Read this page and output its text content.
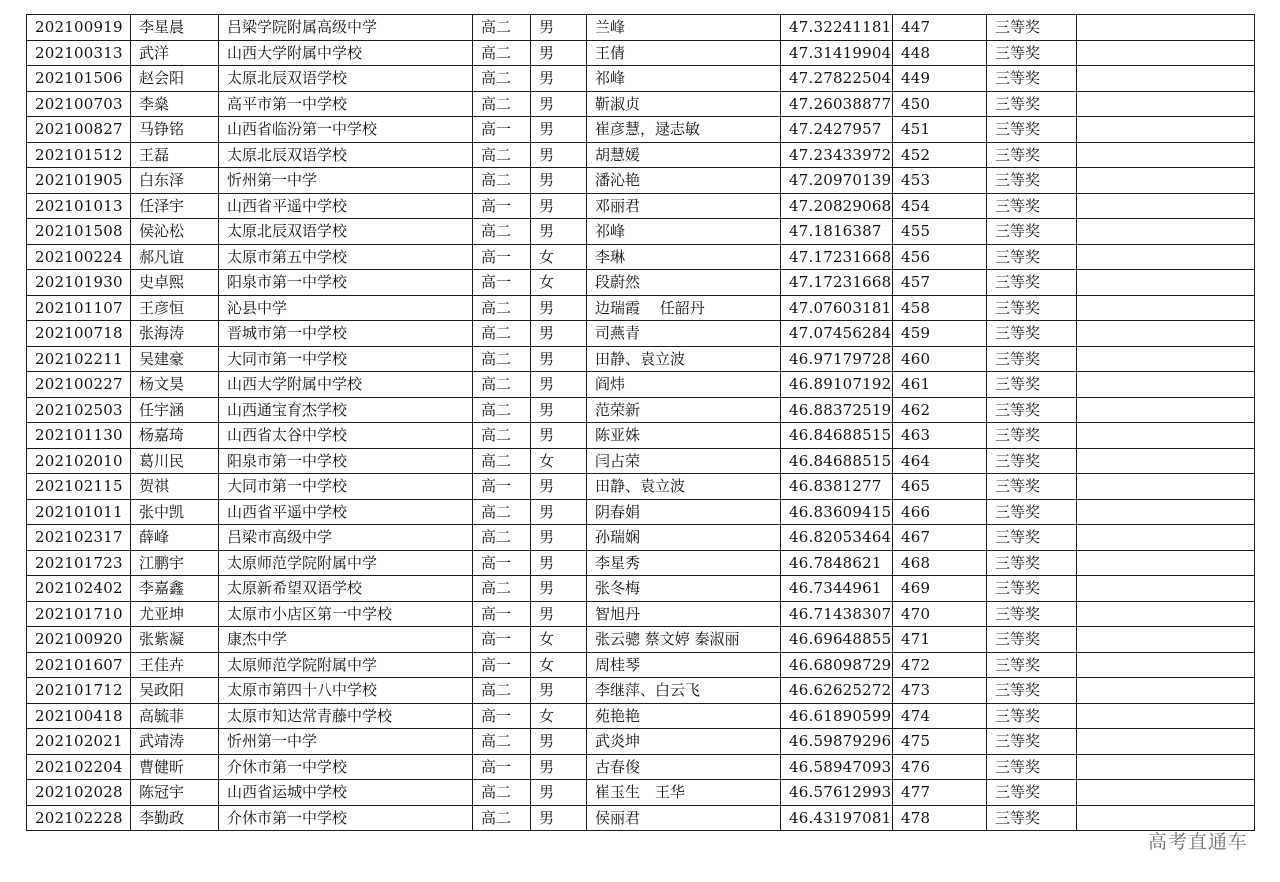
202100919	李星晨	吕梁学院附属高级中学	高二	男	兰峰	47.32241181	447	三等奖	
202100313	武洋	山西大学附属中学校	高二	男	王倩	47.31419904	448	三等奖	
202101506	赵会阳	太原北辰双语学校	高二	男	祁峰	47.27822504	449	三等奖	
202100703	李燊	高平市第一中学校	高二	男	靳淑贞	47.26038877	450	三等奖	
202100827	马铮铭	山西省临汾第一中学校	高一	男	崔彦慧，逯志敏	47.2427957	451	三等奖	
202101512	王磊	太原北辰双语学校	高二	男	胡慧媛	47.23433972	452	三等奖	
202101905	白东泽	忻州第一中学	高二	男	潘沁艳	47.20970139	453	三等奖	
202101013	任泽宇	山西省平遥中学校	高一	男	邓丽君	47.20829068	454	三等奖	
202101508	侯沁松	太原北辰双语学校	高二	男	祁峰	47.1816387	455	三等奖	
202100224	郝凡谊	太原市第五中学校	高一	女	李琳	47.17231668	456	三等奖	
202101930	史卓熙	阳泉市第一中学校	高一	女	段蔚然	47.17231668	457	三等奖	
202101107	王彦恒	沁县中学	高二	男	边瑞霞　 任韶丹	47.07603181	458	三等奖	
202100718	张海涛	晋城市第一中学校	高二	男	司燕青	47.07456284	459	三等奖	
202102211	吴建豪	大同市第一中学校	高二	男	田静、袁立波	46.97179728	460	三等奖	
202100227	杨文昊	山西大学附属中学校	高二	男	阎炜	46.89107192	461	三等奖	
202102503	任宇涵	山西通宝育杰学校	高二	男	范荣新	46.88372519	462	三等奖	
202101130	杨嘉琦	山西省太谷中学校	高二	男	陈亚姝	46.84688515	463	三等奖	
202102010	葛川民	阳泉市第一中学校	高二	女	闫占荣	46.84688515	464	三等奖	
202102115	贺祺	大同市第一中学校	高一	男	田静、袁立波	46.8381277	465	三等奖	
202101011	张中凯	山西省平遥中学校	高二	男	阴春娟	46.83609415	466	三等奖	
202102317	薛峰	吕梁市高级中学	高二	男	孙瑞娴	46.82053464	467	三等奖	
202101723	江鹏宇	太原师范学院附属中学	高一	男	李星秀	46.7848621	468	三等奖	
202102402	李嘉鑫	太原新希望双语学校	高二	男	张冬梅	46.7344961	469	三等奖	
202101710	尤亚坤	太原市小店区第一中学校	高一	男	智旭丹	46.71438307	470	三等奖	
202100920	张紫凝	康杰中学	高一	女	张云骢 蔡文婷 秦淑丽	46.69648855	471	三等奖	
202101607	王佳卉	太原师范学院附属中学	高一	女	周桂琴	46.68098729	472	三等奖	
202101712	吴政阳	太原市第四十八中学校	高二	男	李继萍、白云飞	46.62625272	473	三等奖	
202100418	高毓菲	太原市知达常青藤中学校	高一	女	苑艳艳	46.61890599	474	三等奖	
202102021	武靖涛	忻州第一中学	高二	男	武炎坤	46.59879296	475	三等奖	
202102204	曹健昕	介休市第一中学校	高一	男	古春俊	46.58947093	476	三等奖	
202102028	陈冠宇	山西省运城中学校	高二	男	崔玉生　王华	46.57612993	477	三等奖	
202102228	李勤政	介休市第一中学校	高二	男	侯丽君	46.43197081	478	三等奖	
高考直通车
